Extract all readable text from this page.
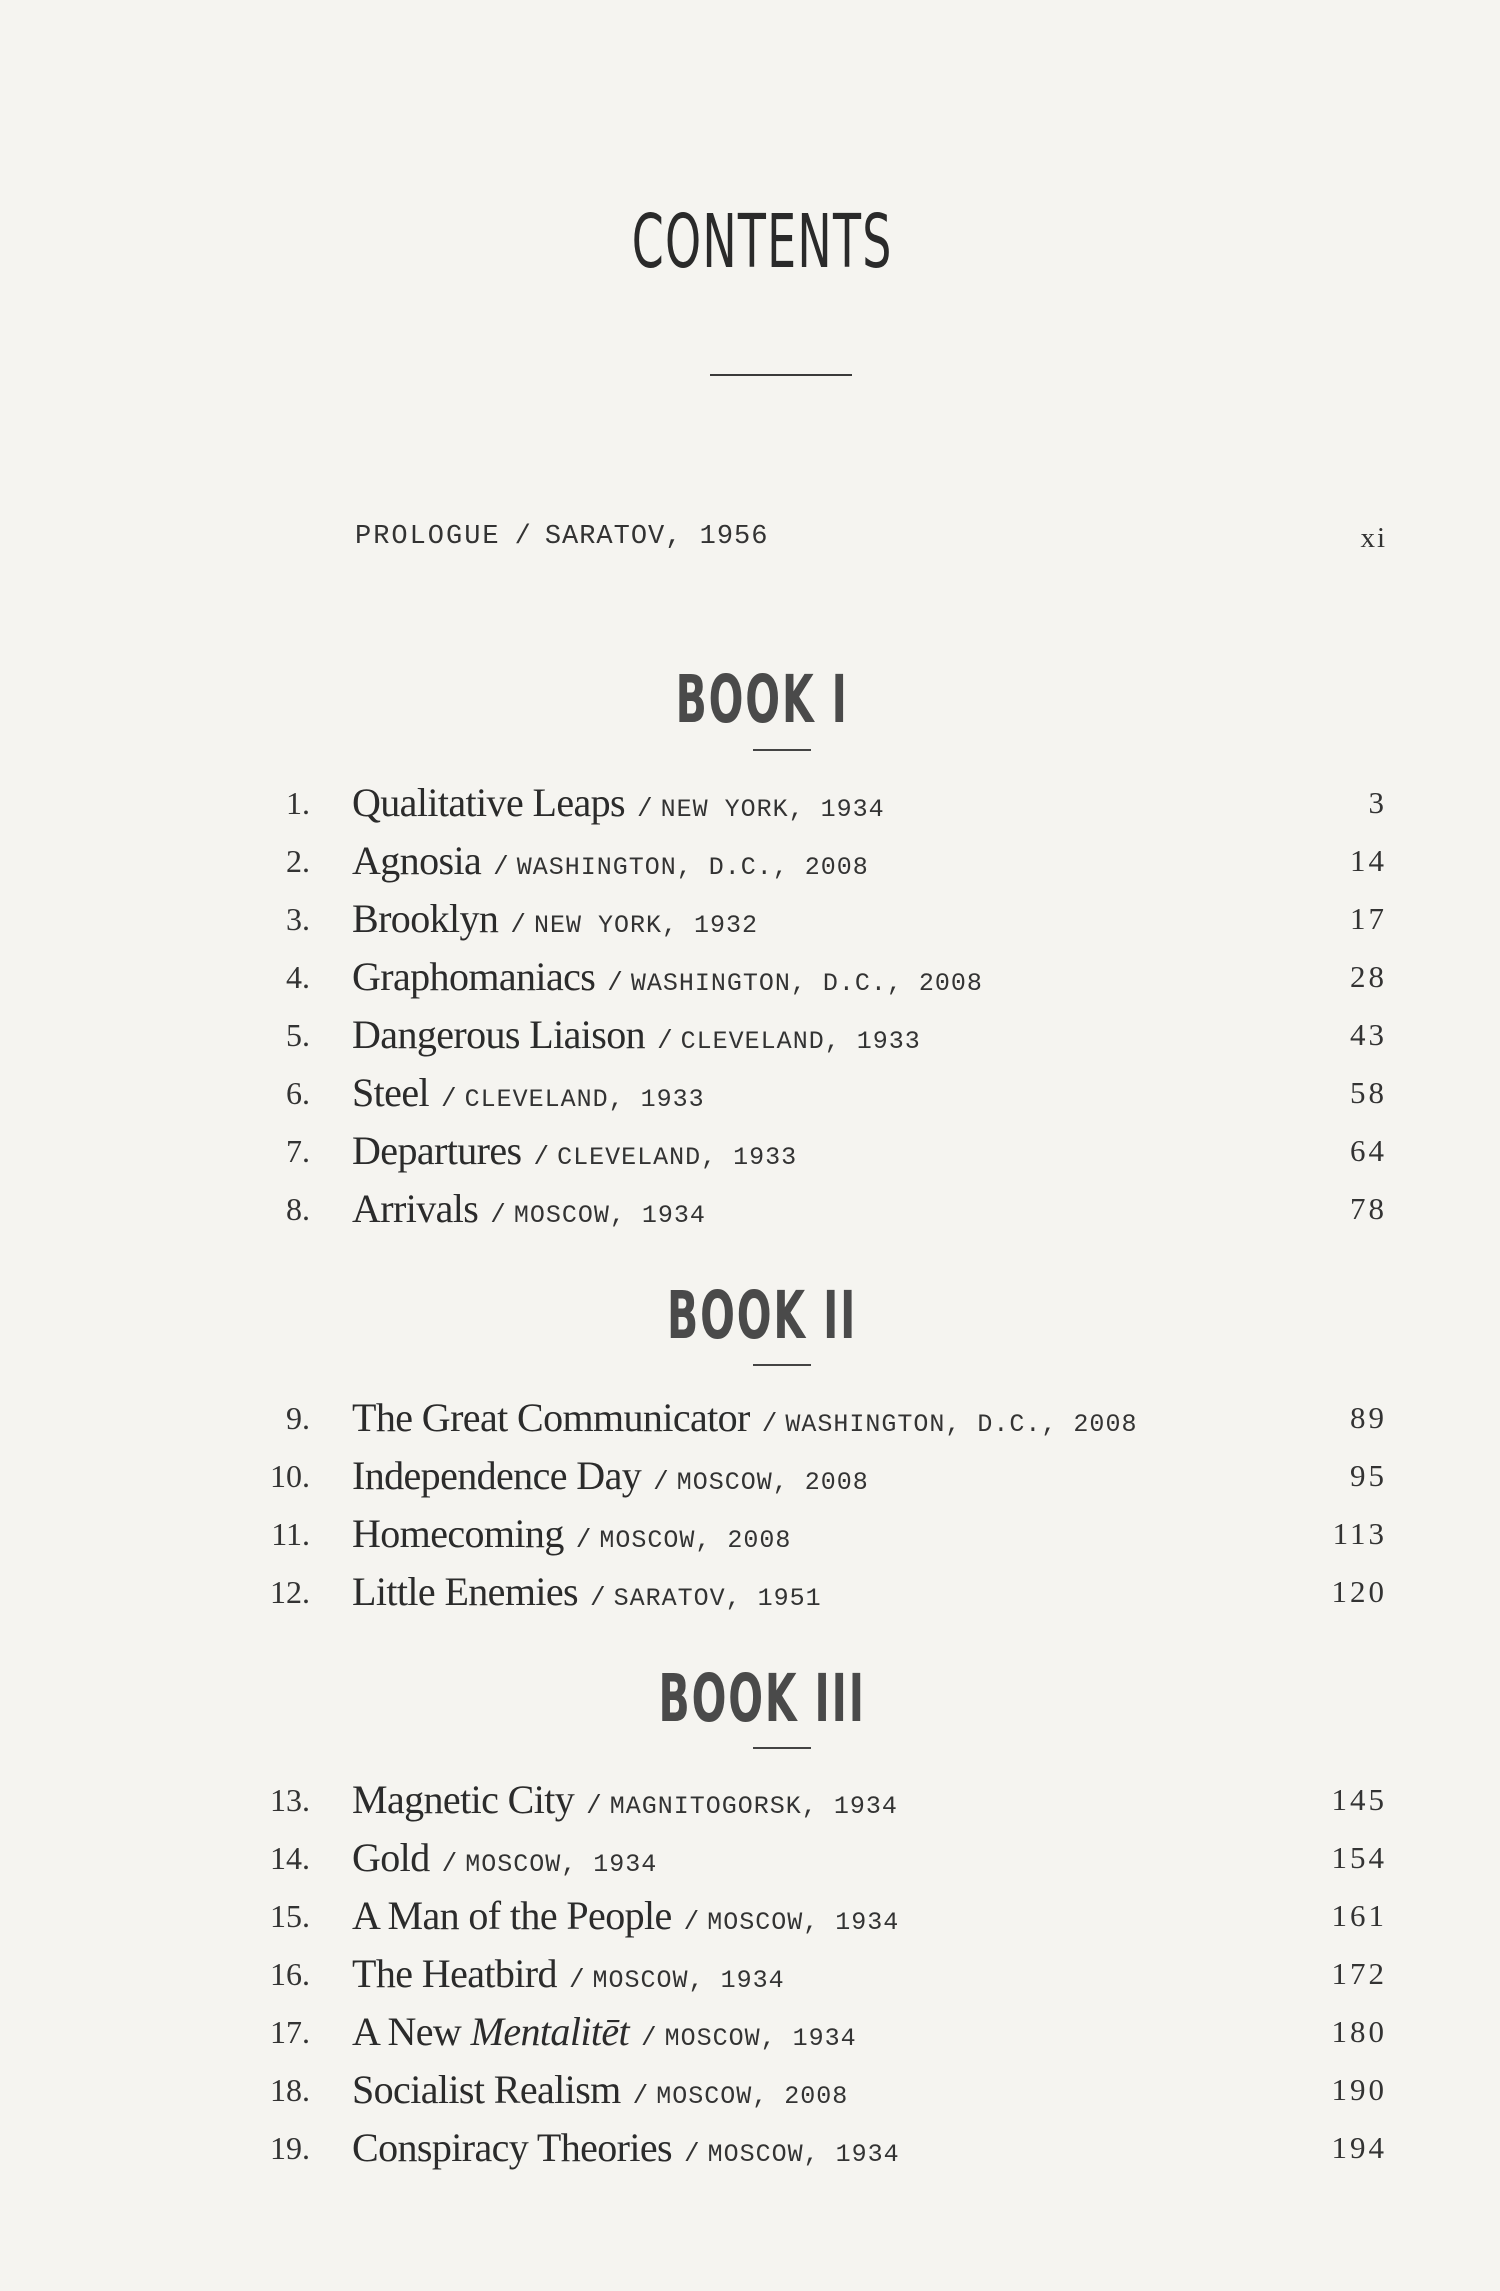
CONTENTS
PROLOGUE / SARATOV, 1956	xi
BOOK I
1. Qualitative Leaps / NEW YORK, 1934	3
2. Agnosia / WASHINGTON, D.C., 2008	14
3. Brooklyn / NEW YORK, 1932	17
4. Graphomaniacs / WASHINGTON, D.C., 2008	28
5. Dangerous Liaison / CLEVELAND, 1933	43
6. Steel / CLEVELAND, 1933	58
7. Departures / CLEVELAND, 1933	64
8. Arrivals / MOSCOW, 1934	78
BOOK II
9. The Great Communicator / WASHINGTON, D.C., 2008	89
10. Independence Day / MOSCOW, 2008	95
11. Homecoming / MOSCOW, 2008	113
12. Little Enemies / SARATOV, 1951	120
BOOK III
13. Magnetic City / MAGNITOGORSK, 1934	145
14. Gold / MOSCOW, 1934	154
15. A Man of the People / MOSCOW, 1934	161
16. The Heatbird / MOSCOW, 1934	172
17. A New Mentalitēt / MOSCOW, 1934	180
18. Socialist Realism / MOSCOW, 2008	190
19. Conspiracy Theories / MOSCOW, 1934	194
